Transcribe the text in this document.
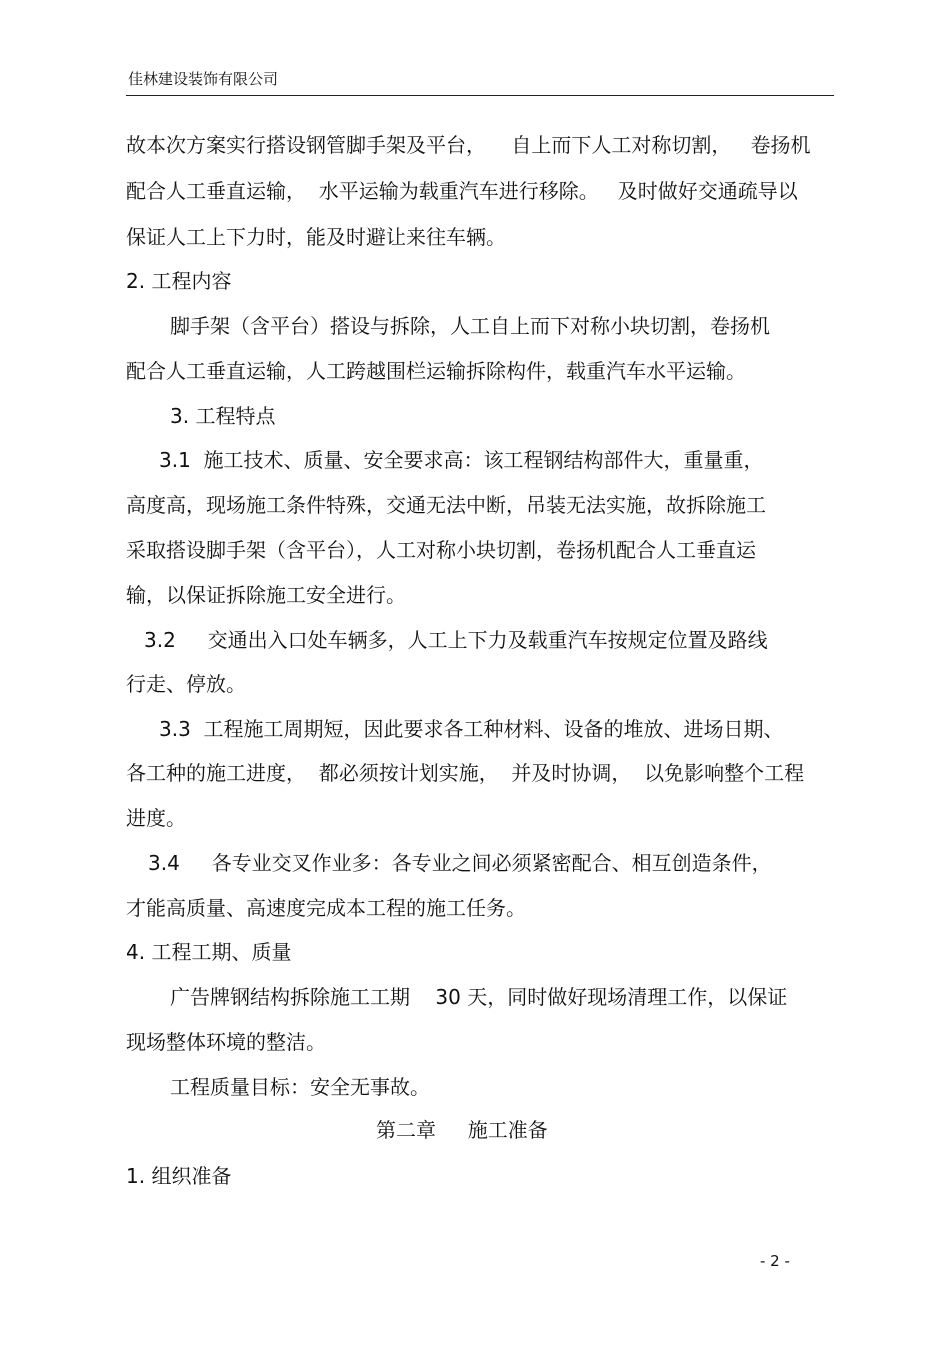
佳林建设装饰有限公司
故本次方案实行搭设钢管脚手架及平台，    自上而下人工对称切割，   卷扬机
配合人工垂直运输，  水平运输为载重汽车进行移除。   及时做好交通疏导以
保证人工上下力时，能及时避让来往车辆。
2. 工程内容
脚手架（含平台）搭设与拆除，人工自上而下对称小块切割，卷扬机
配合人工垂直运输，人工跨越围栏运输拆除构件，载重汽车水平运输。
3. 工程特点
3.1  施工技术、质量、安全要求高：该工程钢结构部件大，重量重，
高度高，现场施工条件特殊，交通无法中断，吊装无法实施，故拆除施工
采取搭设脚手架（含平台），人工对称小块切割，卷扬机配合人工垂直运
输，以保证拆除施工安全进行。
3.2     交通出入口处车辆多，人工上下力及载重汽车按规定位置及路线
行走、停放。
3.3  工程施工周期短，因此要求各工种材料、设备的堆放、进场日期、
各工种的施工进度，  都必须按计划实施，  并及时协调，  以免影响整个工程
进度。
3.4     各专业交叉作业多：各专业之间必须紧密配合、相互创造条件，
才能高质量、高速度完成本工程的施工任务。
4. 工程工期、质量
广告牌钢结构拆除施工工期    30 天，同时做好现场清理工作，以保证
现场整体环境的整洁。
工程质量目标：安全无事故。
第二章     施工准备
1. 组织准备
- 2 -
